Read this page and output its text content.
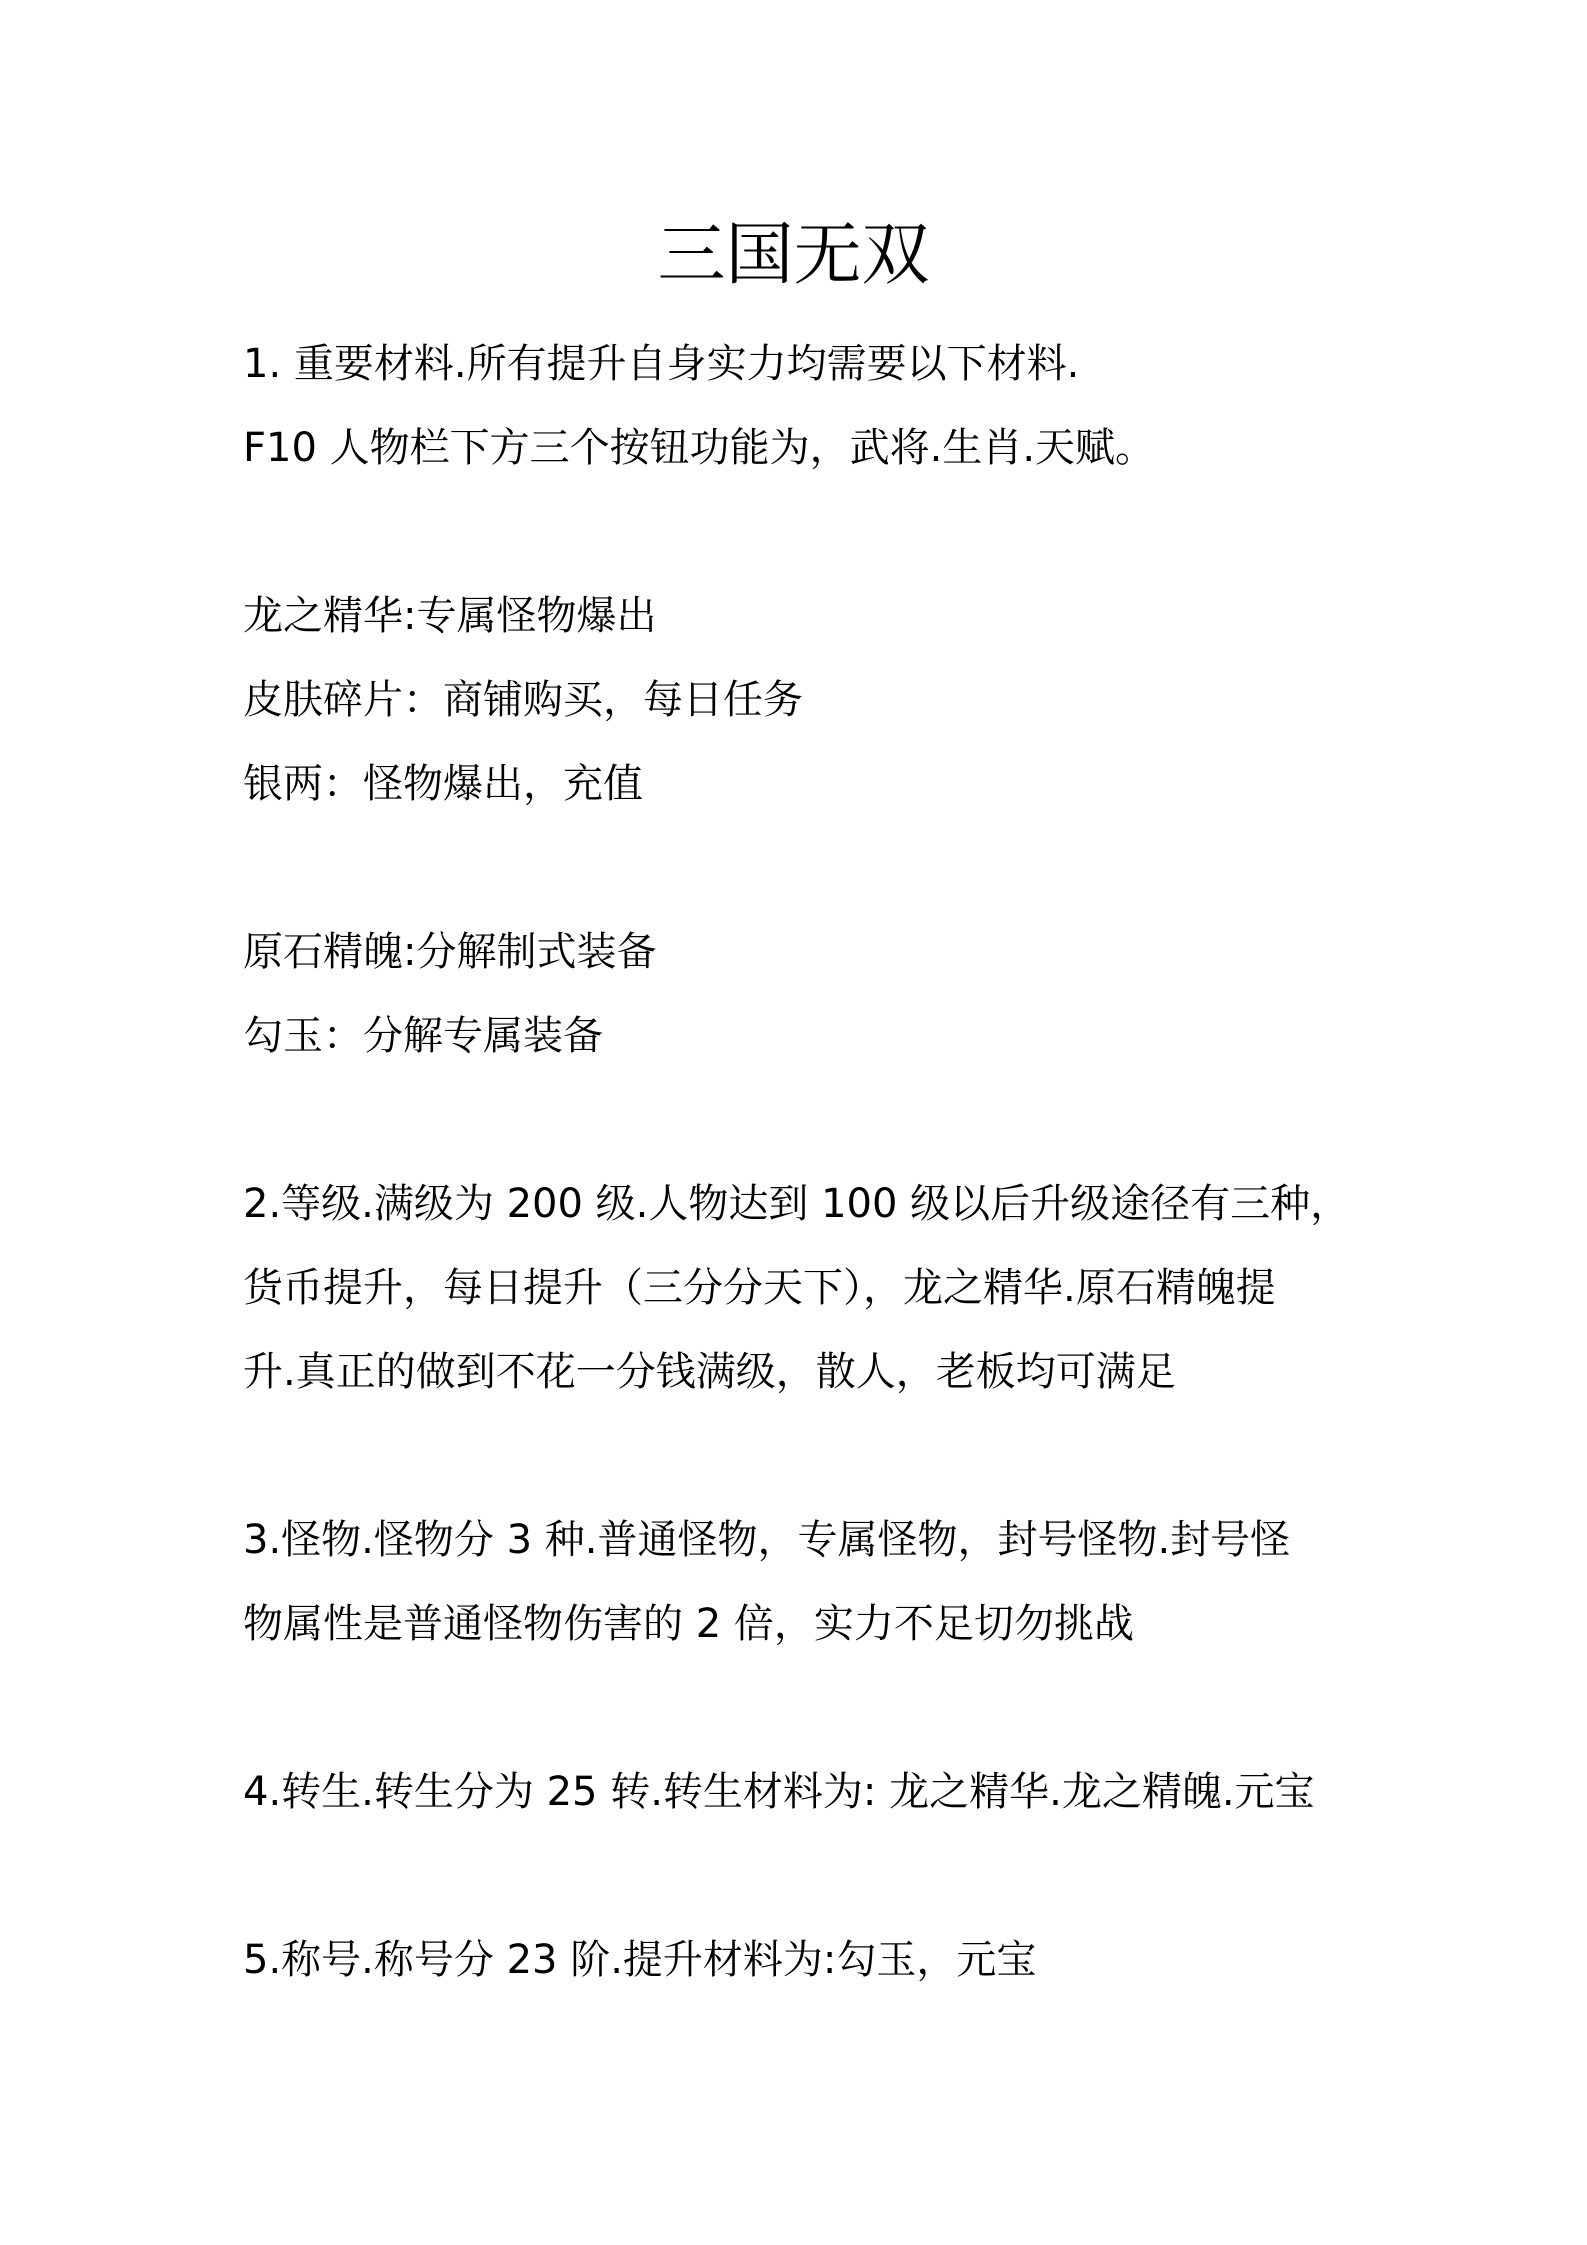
三国无双

1. 重要材料.所有提升自身实力均需要以下材料.

F10 人物栏下方三个按钮功能为，武将.生肖.天赋。

龙之精华:专属怪物爆出

皮肤碎片：商铺购买，每日任务

银两：怪物爆出，充值

原石精魄:分解制式装备

勾玉：分解专属装备

2.等级.满级为 200 级.人物达到 100 级以后升级途径有三种，

货币提升，每日提升（三分分天下），龙之精华.原石精魄提

升.真正的做到不花一分钱满级，散人，老板均可满足

3.怪物.怪物分 3 种.普通怪物，专属怪物，封号怪物.封号怪

物属性是普通怪物伤害的 2 倍，实力不足切勿挑战

4.转生.转生分为 25 转.转生材料为: 龙之精华.龙之精魄.元宝

5.称号.称号分 23 阶.提升材料为:勾玉，元宝
